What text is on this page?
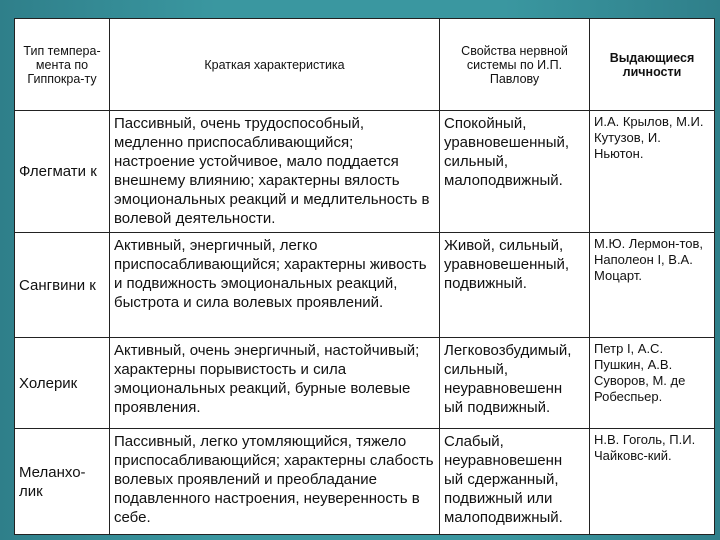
Тип темпера-мента по Гиппокра-ту	Краткая характеристика	Свойства нервной системы по И.П. Павлову	Выдающиеся личности
Флегмати к	Пассивный, очень трудоспособный, медленно приспосабливающийся; настроение устойчивое, мало поддается внешнему влиянию; характерны вялость эмоциональных реакций и медлительность в волевой деятельности.	Спокойный, уравновешенный, сильный, малоподвижный.	И.А. Крылов, М.И. Кутузов, И. Ньютон.
Сангвини к	Активный, энергичный, легко приспосабливающийся; характерны живость и подвижность эмоциональных реакций, быстрота и сила волевых проявлений.	Живой, сильный, уравновешенный, подвижный.	М.Ю. Лермон-тов, Наполеон I, В.А. Моцарт.
Холерик	Активный, очень энергичный, настойчивый; характерны порывистость и сила эмоциональных реакций, бурные волевые проявления.	Легковозбудимый, сильный, неуравновешенн ый подвижный.	Петр I, А.С. Пушкин, А.В. Суворов, М. де Робеспьер.
Меланхо-лик	Пассивный, легко утомляющийся, тяжело приспосабливающийся; характерны слабость волевых проявлений и преобладание подавленного настроения, неуверенность в себе.	Слабый, неуравновешенн ый сдержанный, подвижный или малоподвижный.	Н.В. Гоголь, П.И. Чайковс-кий.
